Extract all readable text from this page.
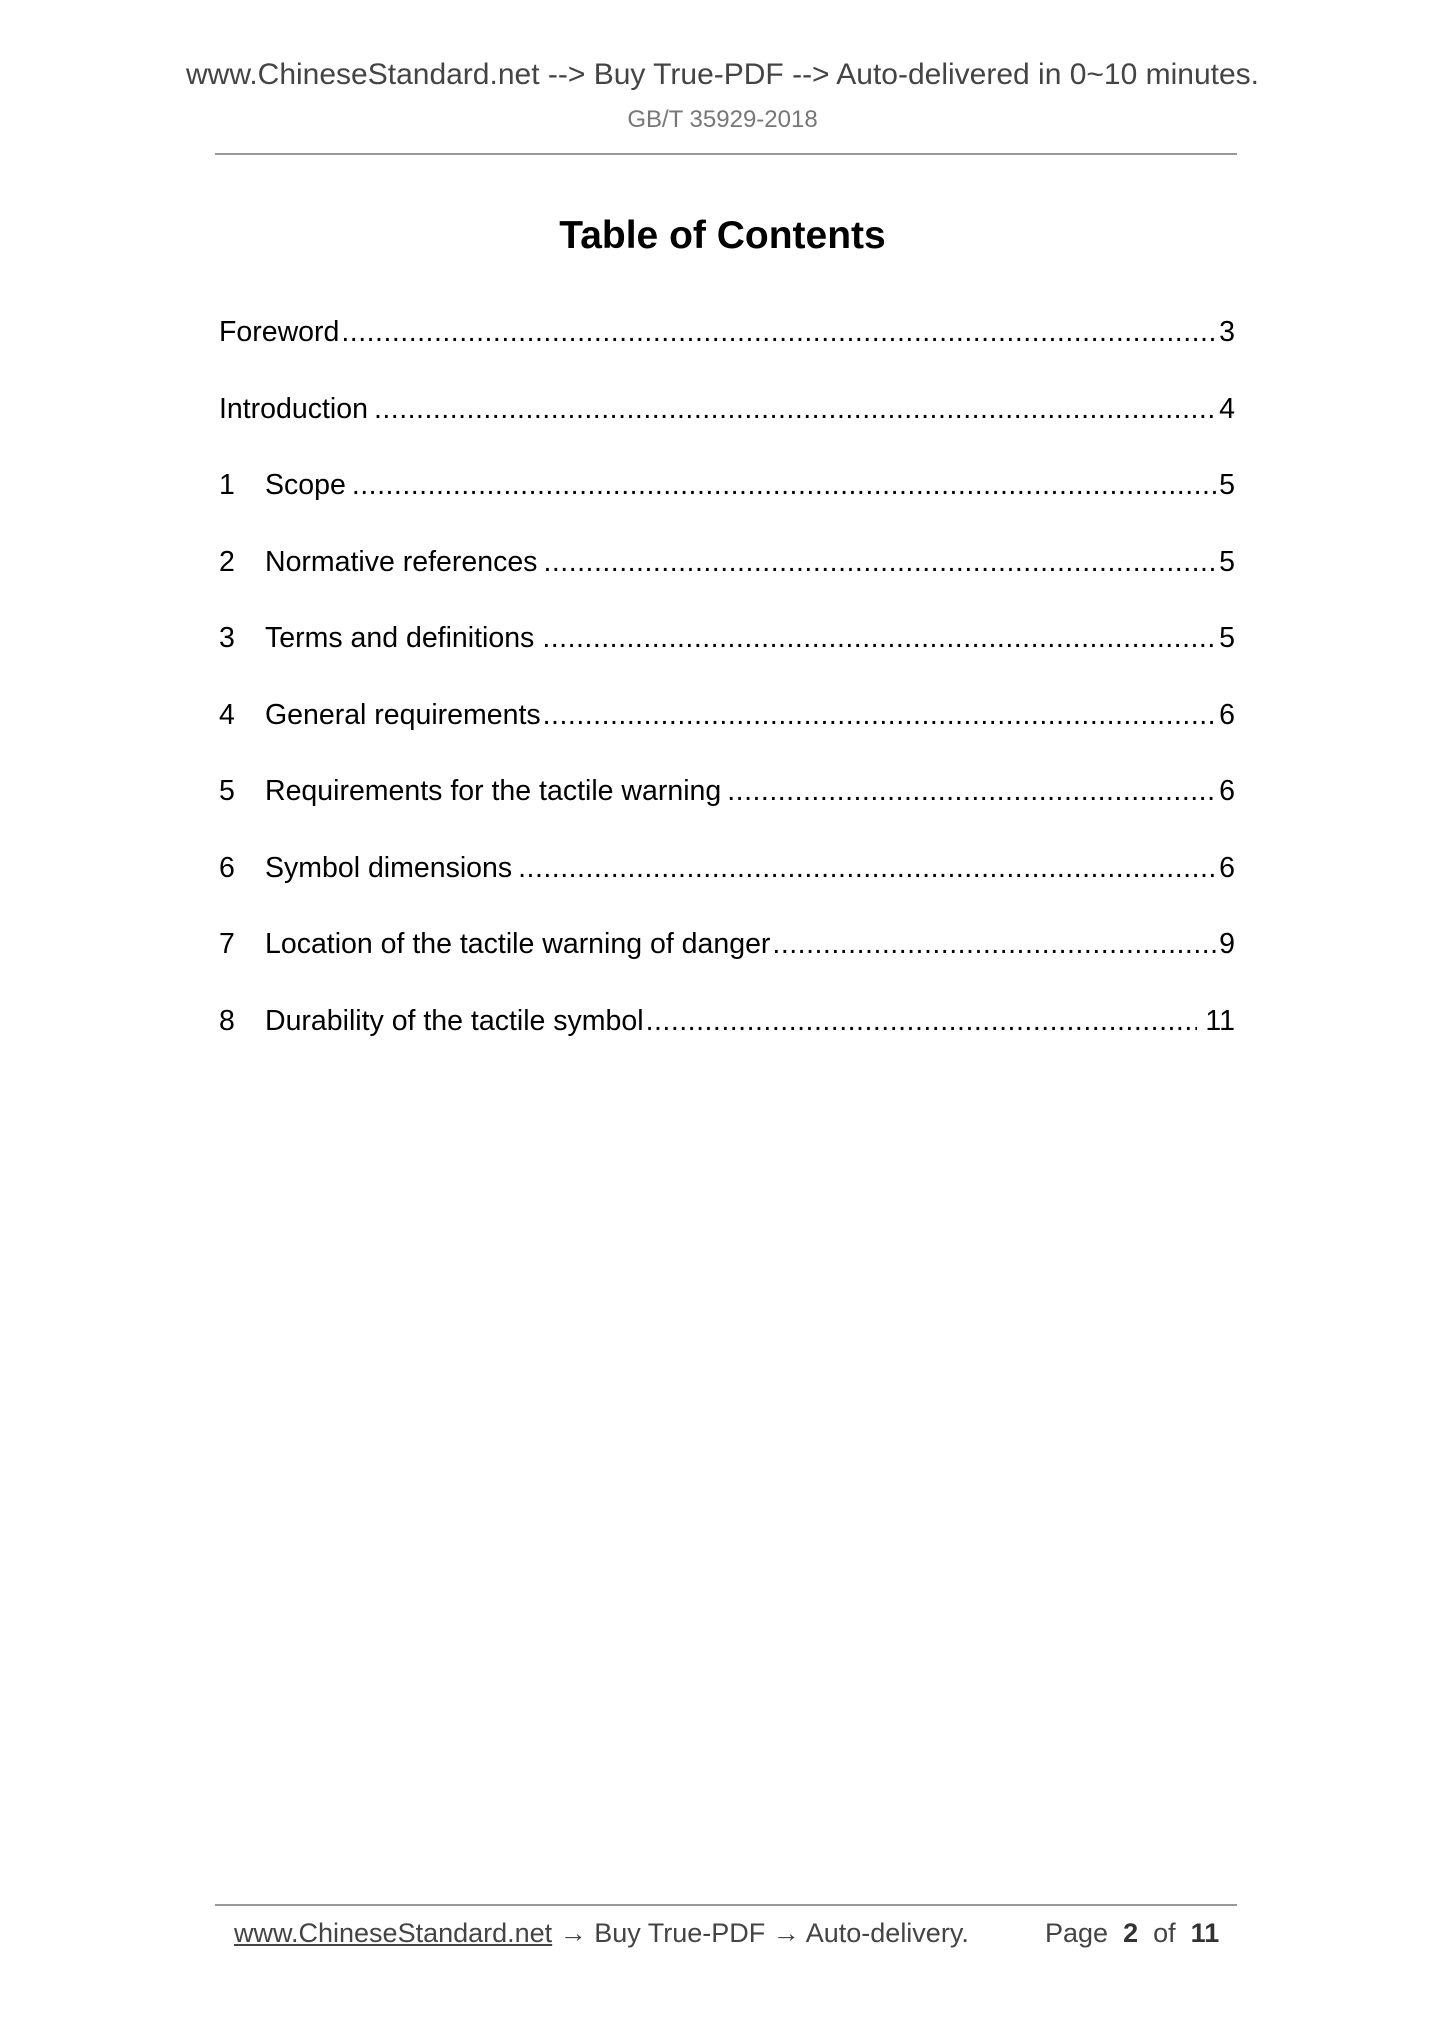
www.ChineseStandard.net --> Buy True-PDF --> Auto-delivered in 0~10 minutes.
GB/T 35929-2018
Table of Contents
Foreword .....	3
Introduction .....	4
1	Scope .....	5
2	Normative references .....	5
3	Terms and definitions .....	5
4	General requirements .....	6
5	Requirements for the tactile warning .....	6
6	Symbol dimensions .....	6
7	Location of the tactile warning of danger .....	9
8	Durability of the tactile symbol .....	11
www.ChineseStandard.net → Buy True-PDF → Auto-delivery.	Page 2 of 11
